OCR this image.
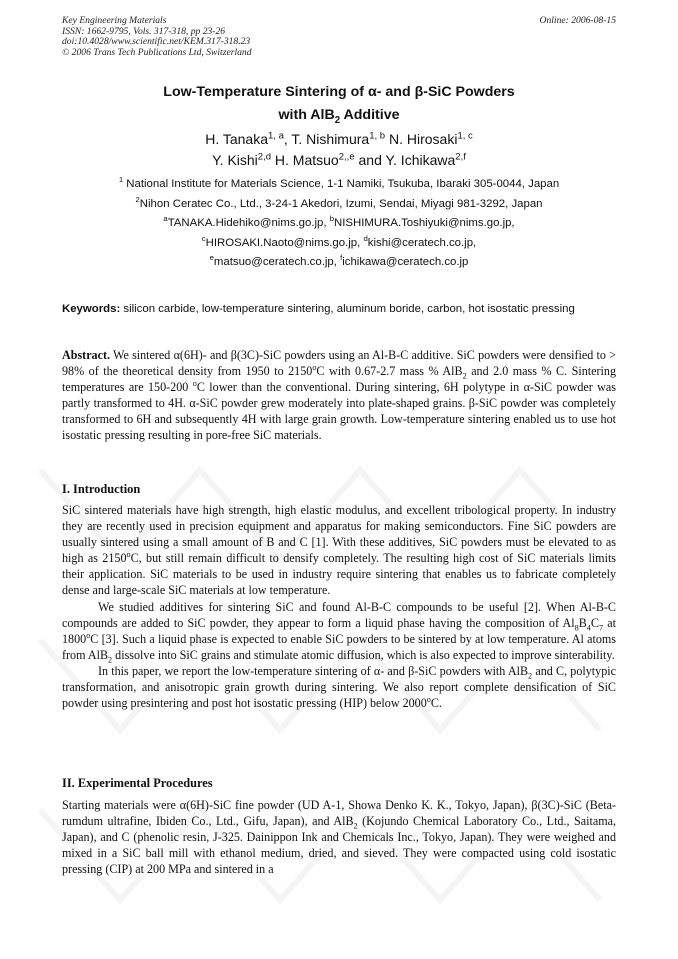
Key Engineering Materials
ISSN: 1662-9795, Vols. 317-318, pp 23-26
doi:10.4028/www.scientific.net/KEM.317-318.23
© 2006 Trans Tech Publications Ltd, Switzerland
Online: 2006-08-15
Low-Temperature Sintering of α- and β-SiC Powders
with AlB$_2$ Additive
H. Tanaka$^{1, a}$, T. Nishimura$^{1, b}$ N. Hirosaki$^{1, c}$
Y. Kishi$^{2,d}$ H. Matsuo$^{2,,e}$ and Y. Ichikawa$^{2,f}$
$^1$ National Institute for Materials Science, 1-1 Namiki, Tsukuba, Ibaraki 305-0044, Japan
$^2$Nihon Ceratec Co., Ltd., 3-24-1 Akedori, Izumi, Sendai, Miyagi 981-3292, Japan
$^a$TANAKA.Hidehiko@nims.go.jp, $^b$NISHIMURA.Toshiyuki@nims.go.jp,
$^c$HIROSAKI.Naoto@nims.go.jp, $^d$kishi@ceratech.co.jp,
$^e$matsuo@ceratech.co.jp, $^f$ichikawa@ceratech.co.jp
Keywords: silicon carbide, low-temperature sintering, aluminum boride, carbon, hot isostatic pressing

Abstract. We sintered α(6H)- and β(3C)-SiC powders using an Al-B-C additive. SiC powders were densified to > 98% of the theoretical density from 1950 to 2150$^o$C with 0.67-2.7 mass % AlB$_2$ and 2.0 mass % C. Sintering temperatures are 150-200 $^o$C lower than the conventional. During sintering, 6H polytype in α-SiC powder was partly transformed to 4H. α-SiC powder grew moderately into plate-shaped grains. β-SiC powder was completely transformed to 6H and subsequently 4H with large grain growth. Low-temperature sintering enabled us to use hot isostatic pressing resulting in pore-free SiC materials.

I. Introduction

SiC sintered materials have high strength, high elastic modulus, and excellent tribological property. In industry they are recently used in precision equipment and apparatus for making semiconductors. Fine SiC powders are usually sintered using a small amount of B and C [1]. With these additives, SiC powders must be elevated to as high as 2150$^o$C, but still remain difficult to densify completely. The resulting high cost of SiC materials limits their application. SiC materials to be used in industry require sintering that enables us to fabricate completely dense and large-scale SiC materials at low temperature.

We studied additives for sintering SiC and found Al-B-C compounds to be useful [2]. When Al-B-C compounds are added to SiC powder, they appear to form a liquid phase having the composition of $Al_8B_4C_7$ at 1800$^o$C [3]. Such a liquid phase is expected to enable SiC powders to be sintered by at low temperature. Al atoms from AlB$_2$ dissolve into SiC grains and stimulate atomic diffusion, which is also expected to improve sinterability.

In this paper, we report the low-temperature sintering of α- and β-SiC powders with AlB$_2$ and C, polytypic transformation, and anisotropic grain growth during sintering. We also report complete densification of SiC powder using presintering and post hot isostatic pressing (HIP) below 2000$^o$C.

II. Experimental Procedures

Starting materials were α(6H)-SiC fine powder (UD A-1, Showa Denko K. K., Tokyo, Japan), β(3C)-SiC (Beta-rumdum ultrafine, Ibiden Co., Ltd., Gifu, Japan), and AlB$_2$ (Kojundo Chemical Laboratory Co., Ltd., Saitama, Japan), and C (phenolic resin, J-325. Dainippon Ink and Chemicals Inc., Tokyo, Japan). They were weighed and mixed in a SiC ball mill with ethanol medium, dried, and sieved. They were compacted using cold isostatic pressing (CIP) at 200 MPa and sintered in a
